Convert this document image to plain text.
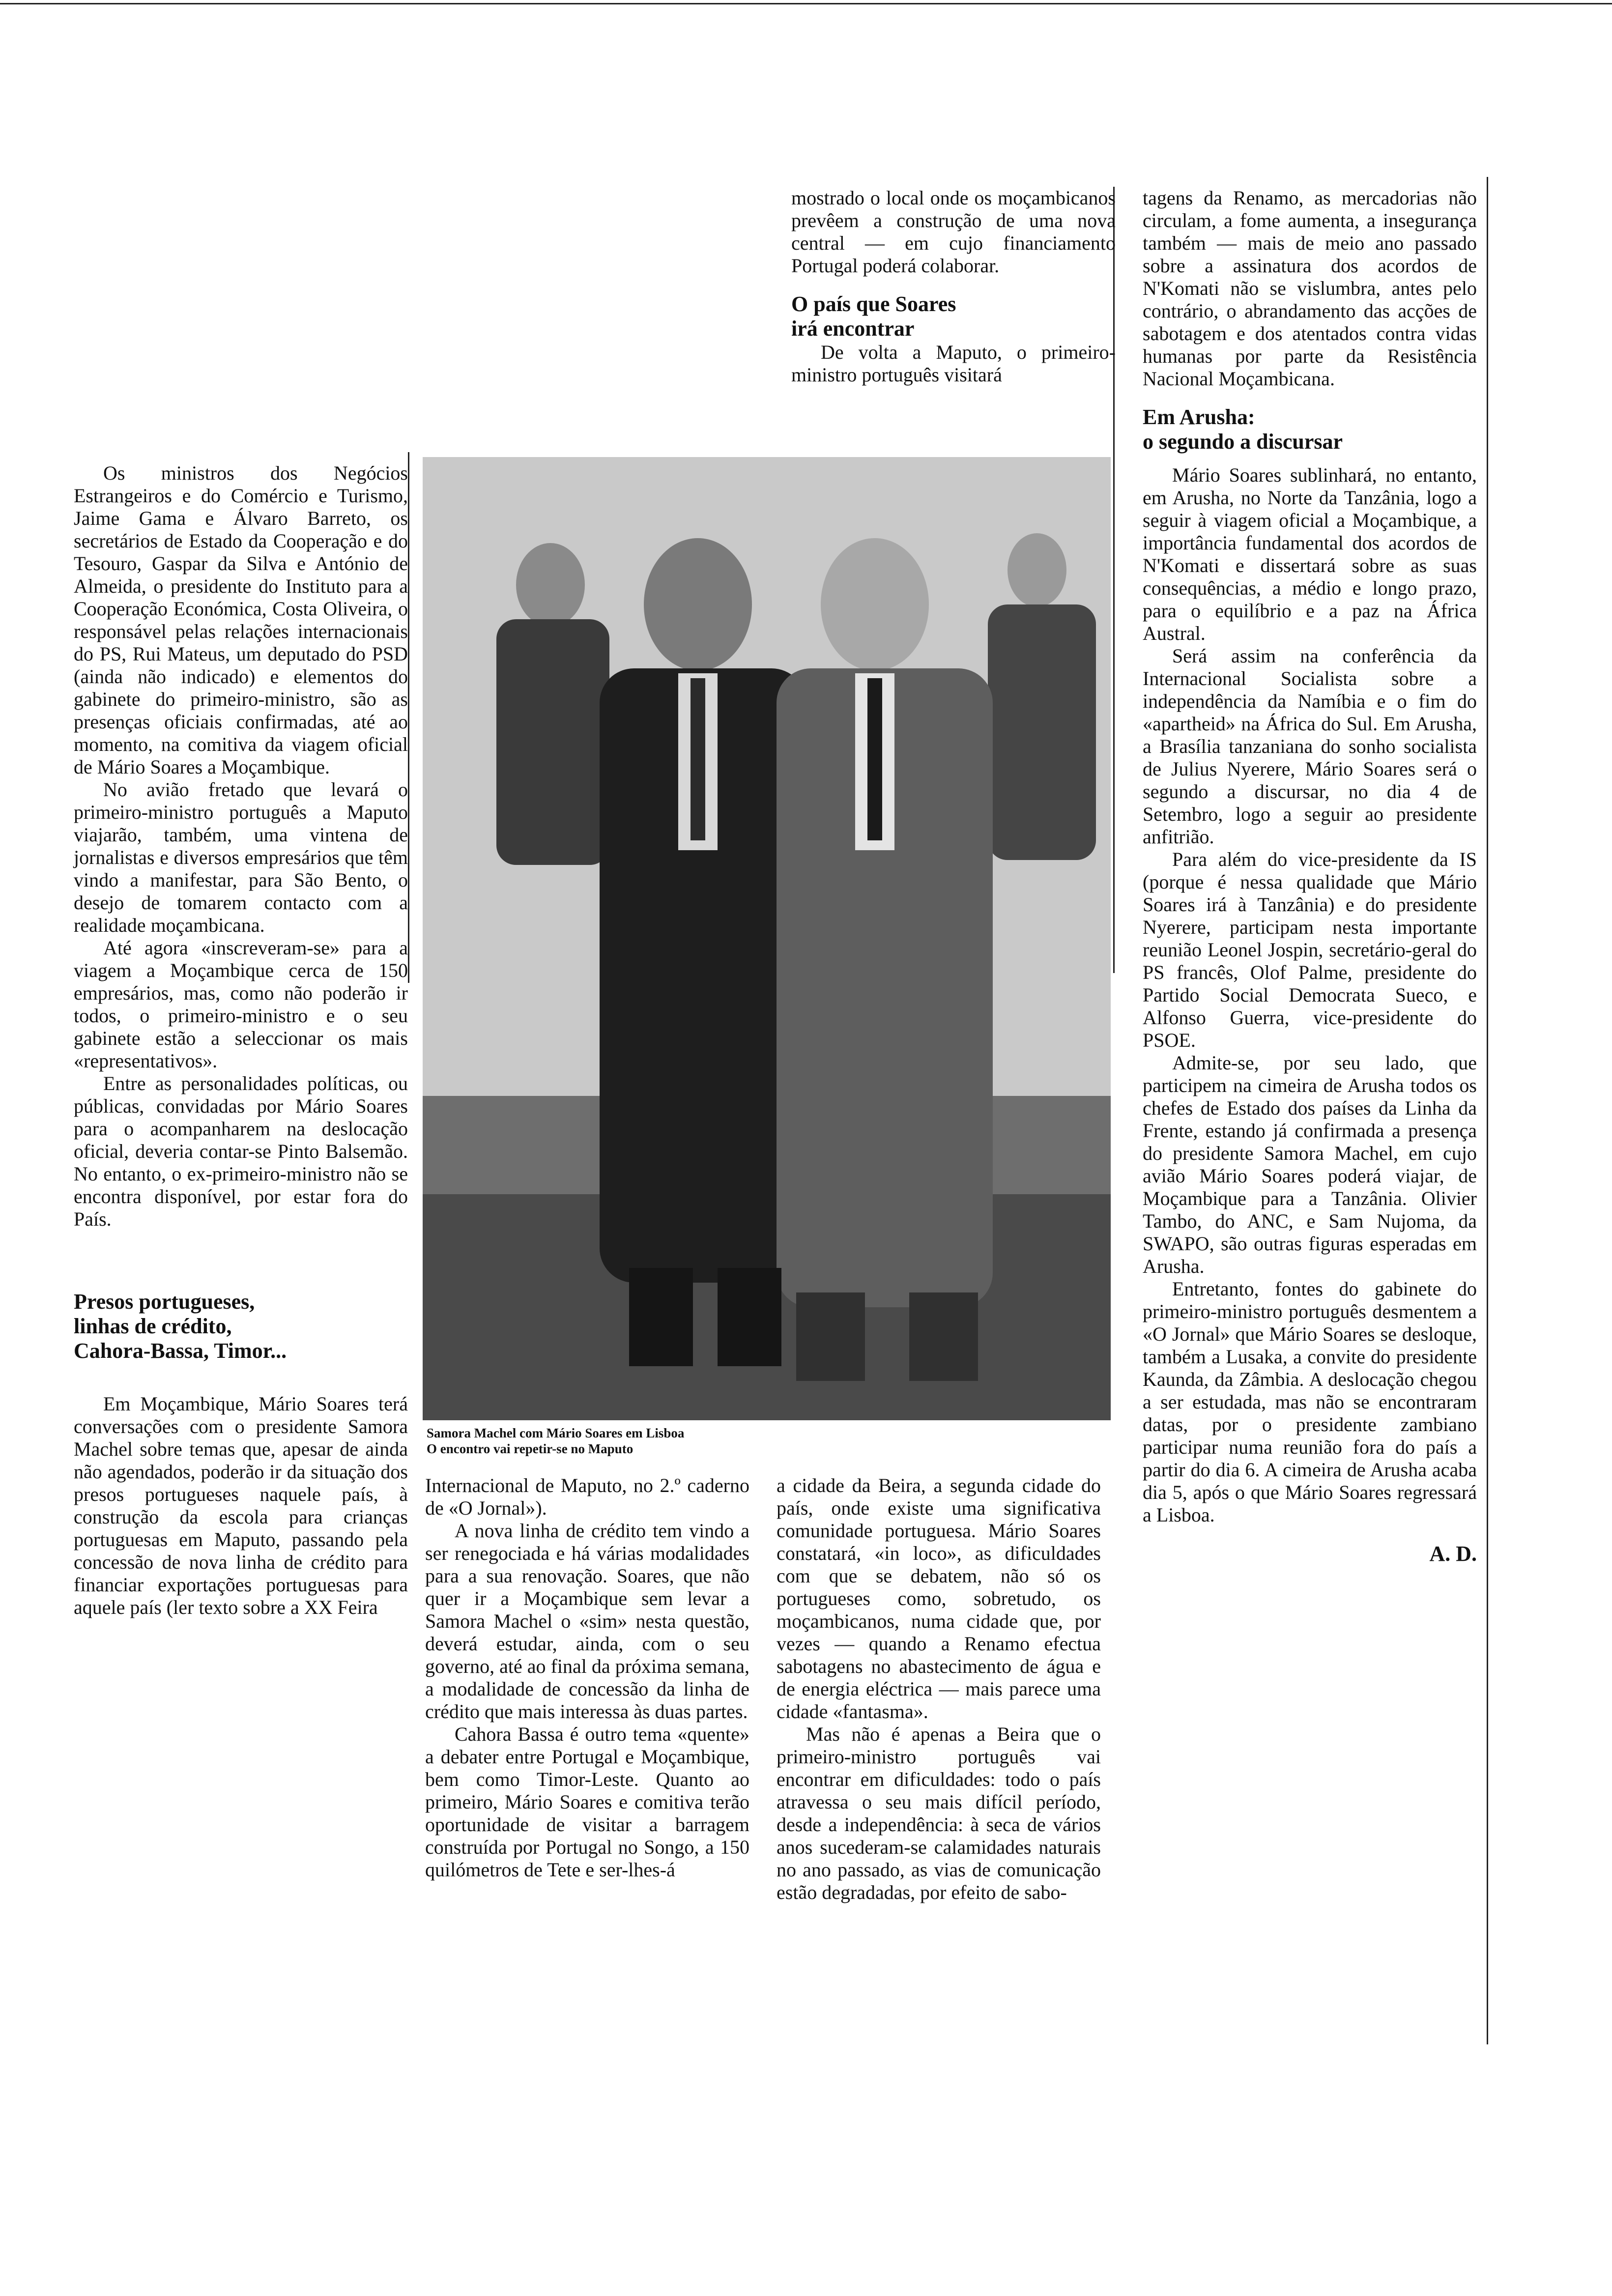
Os ministros dos Negócios Estrangeiros e do Comércio e Turismo, Jaime Gama e Álvaro Barreto, os secretários de Estado da Cooperação e do Tesouro, Gaspar da Silva e António de Almeida, o presidente do Instituto para a Cooperação Económica, Costa Oliveira, o responsável pelas relações internacionais do PS, Rui Mateus, um deputado do PSD (ainda não indicado) e elementos do gabinete do primeiro-ministro, são as presenças oficiais confirmadas, até ao momento, na comitiva da viagem oficial de Mário Soares a Moçambique.

No avião fretado que levará o primeiro-ministro português a Maputo viajarão, também, uma vintena de jornalistas e diversos empresários que têm vindo a manifestar, para São Bento, o desejo de tomarem contacto com a realidade moçambicana.

Até agora «inscreveram-se» para a viagem a Moçambique cerca de 150 empresários, mas, como não poderão ir todos, o primeiro-ministro e o seu gabinete estão a seleccionar os mais «representativos».

Entre as personalidades políticas, ou públicas, convidadas por Mário Soares para o acompanharem na deslocação oficial, deveria contar-se Pinto Balsemão. No entanto, o ex-primeiro-ministro não se encontra disponível, por estar fora do País.

Presos portugueses,
linhas de crédito,
Cahora-Bassa, Timor...

Em Moçambique, Mário Soares terá conversações com o presidente Samora Machel sobre temas que, apesar de ainda não agendados, poderão ir da situação dos presos portugueses naquele país, à construção da escola para crianças portuguesas em Maputo, passando pela concessão de nova linha de crédito para financiar exportações portuguesas para aquele país (ler texto sobre a XX Feira

mostrado o local onde os moçambicanos prevêem a construção de uma nova central — em cujo financiamento Portugal poderá colaborar.

O país que Soares
irá encontrar

De volta a Maputo, o primeiro-ministro português visitará

Samora Machel com Mário Soares em Lisboa
O encontro vai repetir-se no Maputo

Internacional de Maputo, no 2.º caderno de «O Jornal»).

A nova linha de crédito tem vindo a ser renegociada e há várias modalidades para a sua renovação. Soares, que não quer ir a Moçambique sem levar a Samora Machel o «sim» nesta questão, deverá estudar, ainda, com o seu governo, até ao final da próxima semana, a modalidade de concessão da linha de crédito que mais interessa às duas partes.

Cahora Bassa é outro tema «quente» a debater entre Portugal e Moçambique, bem como Timor-Leste. Quanto ao primeiro, Mário Soares e comitiva terão oportunidade de visitar a barragem construída por Portugal no Songo, a 150 quilómetros de Tete e ser-lhes-á

a cidade da Beira, a segunda cidade do país, onde existe uma significativa comunidade portuguesa. Mário Soares constatará, «in loco», as dificuldades com que se debatem, não só os portugueses como, sobretudo, os moçambicanos, numa cidade que, por vezes — quando a Renamo efectua sabotagens no abastecimento de água e de energia eléctrica — mais parece uma cidade «fantasma».

Mas não é apenas a Beira que o primeiro-ministro português vai encontrar em dificuldades: todo o país atravessa o seu mais difícil período, desde a independência: à seca de vários anos sucederam-se calamidades naturais no ano passado, as vias de comunicação estão degradadas, por efeito de sabo-

tagens da Renamo, as mercadorias não circulam, a fome aumenta, a insegurança também — mais de meio ano passado sobre a assinatura dos acordos de N'Komati não se vislumbra, antes pelo contrário, o abrandamento das acções de sabotagem e dos atentados contra vidas humanas por parte da Resistência Nacional Moçambicana.

Em Arusha:
o segundo a discursar

Mário Soares sublinhará, no entanto, em Arusha, no Norte da Tanzânia, logo a seguir à viagem oficial a Moçambique, a importância fundamental dos acordos de N'Komati e dissertará sobre as suas consequências, a médio e longo prazo, para o equilíbrio e a paz na África Austral.

Será assim na conferência da Internacional Socialista sobre a independência da Namíbia e o fim do «apartheid» na África do Sul. Em Arusha, a Brasília tanzaniana do sonho socialista de Julius Nyerere, Mário Soares será o segundo a discursar, no dia 4 de Setembro, logo a seguir ao presidente anfitrião.

Para além do vice-presidente da IS (porque é nessa qualidade que Mário Soares irá à Tanzânia) e do presidente Nyerere, participam nesta importante reunião Leonel Jospin, secretário-geral do PS francês, Olof Palme, presidente do Partido Social Democrata Sueco, e Alfonso Guerra, vice-presidente do PSOE.

Admite-se, por seu lado, que participem na cimeira de Arusha todos os chefes de Estado dos países da Linha da Frente, estando já confirmada a presença do presidente Samora Machel, em cujo avião Mário Soares poderá viajar, de Moçambique para a Tanzânia. Olivier Tambo, do ANC, e Sam Nujoma, da SWAPO, são outras figuras esperadas em Arusha.

Entretanto, fontes do gabinete do primeiro-ministro português desmentem a «O Jornal» que Mário Soares se desloque, também a Lusaka, a convite do presidente Kaunda, da Zâmbia. A deslocação chegou a ser estudada, mas não se encontraram datas, por o presidente zambiano participar numa reunião fora do país a partir do dia 6. A cimeira de Arusha acaba dia 5, após o que Mário Soares regressará a Lisboa.

A. D.
